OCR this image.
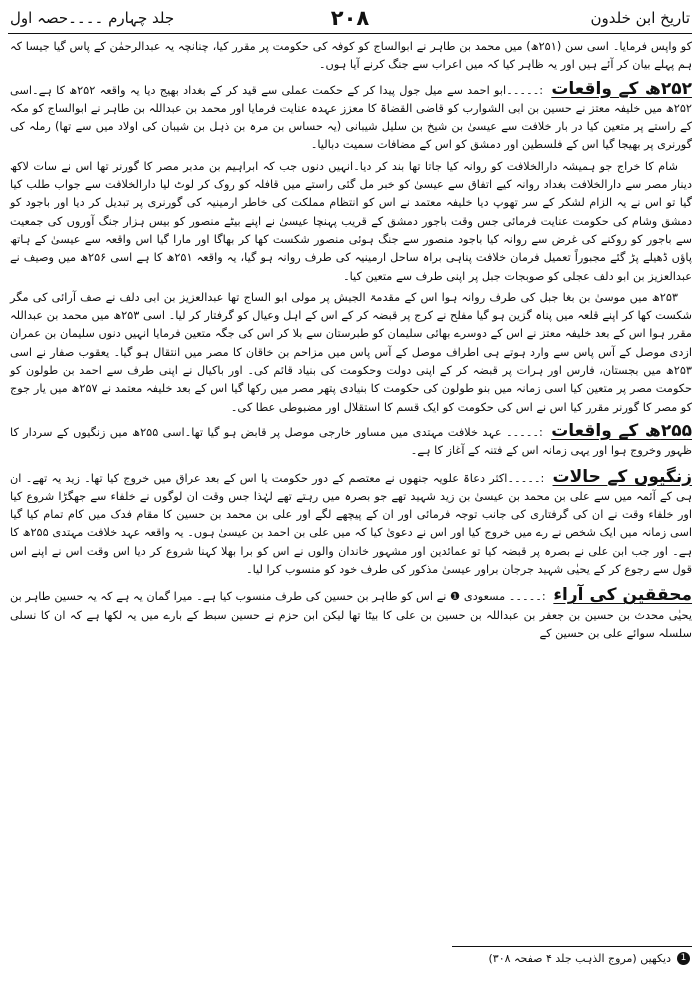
جلد چہارم ۔۔۔۔حصہ اول	۲۰۸	تاریخ ابن خلدون

کو واپس فرمایا۔ اسی سن (۲۵۱ھ) میں محمد بن طاہر نے ابوالساج کو کوفہ کی حکومت پر مقرر کیا، چنانچہ یہ عبدالرحمٰن کے پاس گیا جیسا کہ ہم پہلے بیان کر آئے ہیں اور یہ ظاہر کیا کہ میں اعراب سے جنگ کرنے آیا ہوں۔

۲۵۲ھ کے واقعات :۔۔۔۔۔ابو احمد سے میل جول پیدا کر کے حکمت عملی سے قید کر کے بغداد بھیج دیا یہ واقعہ ۲۵۲ھ کا ہے۔اسی ۲۵۲ھ میں خلیفہ معتز نے حسین بن ابی الشوارب کو قاضی القضاۃ کا معزز عہدہ عنایت فرمایا اور محمد بن عبداللہ بن طاہر نے ابوالساج کو مکہ کے راستے پر متعین کیا در بار خلافت سے عیسیٰ بن شیخ بن سلیل شیبانی (یہ حساس بن مرہ بن ذہل بن شیبان کی اولاد میں سے تھا) رملہ کی گورنری پر بھیجا گیا اس کے فلسطین اور دمشق کو اس کے مضافات سمیت دبالیا۔

شام کا خراج جو ہمیشہ دارالخلافت کو روانہ کیا جاتا تھا بند کر دیا۔انہیں دنوں جب کہ ابراہیم بن مدبر مصر کا گورنر تھا اس نے سات لاکھ دینار مصر سے دارالخلافت بغداد روانہ کیے اتفاق سے عیسیٰ کو خبر مل گئی راستے میں قافلہ کو روک کر لوٹ لیا دارالخلافت سے جواب طلب کیا گیا تو اس نے یہ الزام لشکر کے سر تھوپ دیا خلیفہ معتمد نے اس کو انتظام مملکت کی خاطر ارمینیہ کی گورنری پر تبدیل کر دیا اور باجود کو دمشق وشام کی حکومت عنایت فرمائی جس وقت باجور دمشق کے قریب پہنچا عیسیٰ نے اپنے بیٹے منصور کو بیس ہزار جنگ آوروں کی جمعیت سے باجور کو روکنے کی غرض سے روانہ کیا باجود منصور سے جنگ ہوئی منصور شکست کھا کر بھاگا اور مارا گیا اس واقعہ سے عیسیٰ کے ہاتھ پاؤں ڈھیلے پڑ گئے مجبوراً تعمیل فرمان خلافت پناہی براہ ساحل ارمینیہ کی طرف روانہ ہو گیا، یہ واقعہ ۲۵۱ھ کا ہے اسی ۲۵۶ھ میں وصیف نے عبدالعزیز بن ابو دلف عجلی کو صوبجات جبل پر اپنی طرف سے متعین کیا۔

۲۵۳ھ میں موسیٰ بن بغا جبل کی طرف روانہ ہوا اس کے مقدمۃ الجیش پر مولی ابو الساج تھا عبدالعزیز بن ابی دلف نے صف آرائی کی مگر شکست کھا کر اپنے قلعہ میں پناہ گزین ہو گیا مفلح نے کرج پر قبضہ کر کے اس کے اہل وعیال کو گرفتار کر لیا۔ اسی ۲۵۳ھ میں محمد بن عبداللہ مقرر ہوا اس کے بعد خلیفہ معتز نے اس کے دوسرے بھائی سلیمان کو طبرستان سے بلا کر اس کی جگہ متعین فرمایا انہیں دنوں سلیمان بن عمران ازدی موصل کے آس پاس سے وارد ہوتے ہی اطراف موصل کے آس پاس میں مزاحم بن خاقان کا مصر میں انتقال ہو گیا۔ یعقوب صفار نے اسی ۲۵۳ھ میں بجستان، فارس اور ہرات پر قبضہ کر کے اپنی دولت وحکومت کی بنیاد قائم کی۔ اور باکیال نے اپنی طرف سے احمد بن طولون کو حکومت مصر پر متعین کیا اسی زمانہ میں بنو طولون کی حکومت کا بنیادی پتھر مصر میں رکھا گیا اس کے بعد خلیفہ معتمد نے ۲۵۷ھ میں یار جوج کو مصر کا گورنر مقرر کیا اس نے اس کی حکومت کو ایک قسم کا استقلال اور مضبوطی عطا کی۔

۲۵۵ھ کے واقعات :۔۔۔۔۔ عہد خلافت مہتدی میں مساور خارجی موصل پر قابض ہو گیا تھا۔اسی ۲۵۵ھ میں زنگیوں کے سردار کا ظہور وخروج ہوا اور یہی زمانہ اس کے فتنہ کے آغاز کا ہے۔

زنگیوں کے حالات :۔۔۔۔۔اکثر دعاۃ علویہ جنھوں نے معتصم کے دور حکومت یا اس کے بعد عراق میں خروج کیا تھا۔ زید یہ تھے۔ ان ہی کے آئمہ میں سے علی بن محمد بن عیسیٰ بن زید شہید تھے جو بصرہ میں رہتے تھے لہٰذا جس وقت ان لوگوں نے خلفاء سے جھگڑا شروع کیا اور خلفاء وقت نے ان کی گرفتاری کی جانب توجہ فرمائی اور ان کے پیچھے لگے اور علی بن محمد بن حسین کا مقام فدک میں کام تمام کیا گیا اسی زمانہ میں ایک شخص نے رے میں خروج کیا اور اس نے دعویٰ کیا کہ میں علی بن احمد بن عیسیٰ ہوں۔ یہ واقعہ عہد خلافت مہتدی ۲۵۵ھ کا ہے۔ اور جب ابن علی نے بصرہ پر قبضہ کیا تو عمائدین اور مشہور خاندان والوں نے اس کو برا بھلا کہنا شروع کر دیا اس وقت اس نے اپنے اس قول سے رجوع کر کے یحیٰی شہید جرجان براور عیسیٰ مذکور کی طرف خود کو منسوب کرا لیا۔

محققین کی آراء :۔۔۔۔۔ مسعودی ❶ نے اس کو طاہر بن حسین کی طرف منسوب کیا ہے۔ میرا گمان یہ ہے کہ یہ حسین طاہر بن یحیٰی محدث بن حسین بن جعفر بن عبداللہ بن حسین بن علی کا بیٹا تھا لیکن ابن حزم نے حسین سبط کے بارے میں یہ لکھا ہے کہ ان کا نسلی سلسلہ سوائے علی بن حسین کے

1
دیکھیں (مروج الذہب جلد ۴ صفحہ ۳۰۸)
